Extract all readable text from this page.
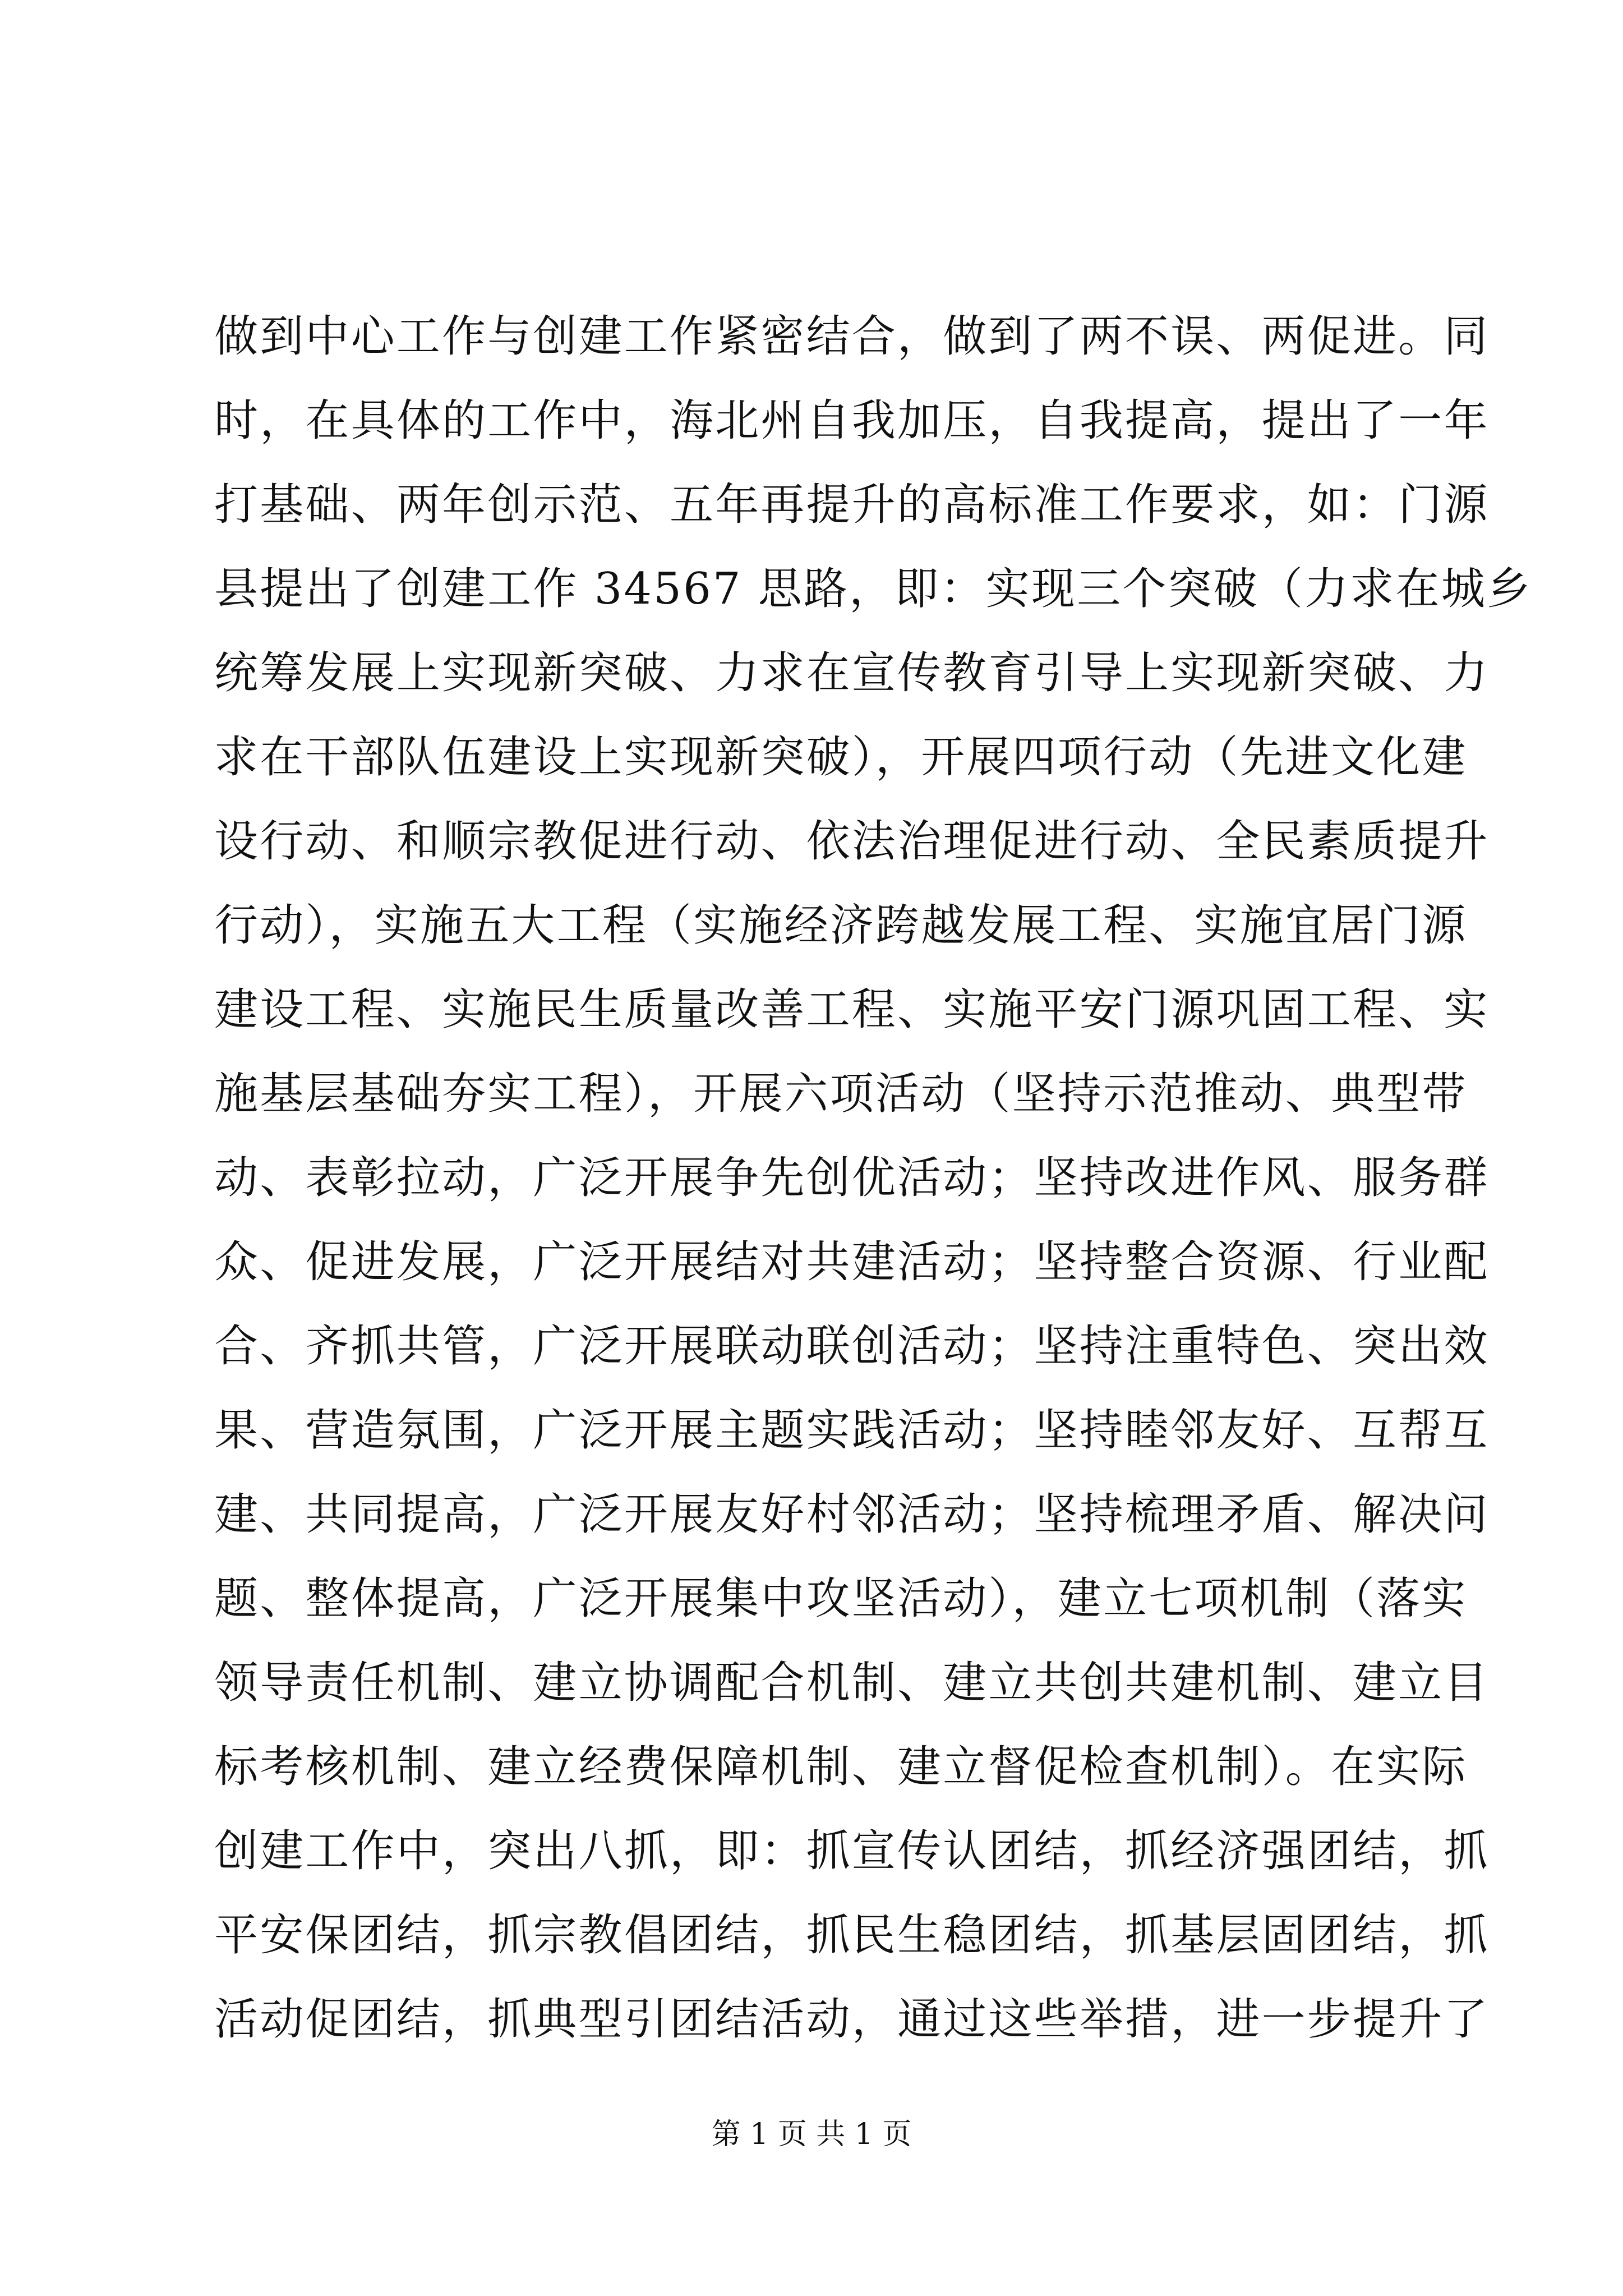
做到中心工作与创建工作紧密结合，做到了两不误、两促进。同
时，在具体的工作中，海北州自我加压，自我提高，提出了一年
打基础、两年创示范、五年再提升的高标准工作要求，如：门源
县提出了创建工作 34567 思路，即：实现三个突破（力求在城乡
统筹发展上实现新突破、力求在宣传教育引导上实现新突破、力
求在干部队伍建设上实现新突破），开展四项行动（先进文化建
设行动、和顺宗教促进行动、依法治理促进行动、全民素质提升
行动），实施五大工程（实施经济跨越发展工程、实施宜居门源
建设工程、实施民生质量改善工程、实施平安门源巩固工程、实
施基层基础夯实工程），开展六项活动（坚持示范推动、典型带
动、表彰拉动，广泛开展争先创优活动；坚持改进作风、服务群
众、促进发展，广泛开展结对共建活动；坚持整合资源、行业配
合、齐抓共管，广泛开展联动联创活动；坚持注重特色、突出效
果、营造氛围，广泛开展主题实践活动；坚持睦邻友好、互帮互
建、共同提高，广泛开展友好村邻活动；坚持梳理矛盾、解决问
题、整体提高，广泛开展集中攻坚活动），建立七项机制（落实
领导责任机制、建立协调配合机制、建立共创共建机制、建立目
标考核机制、建立经费保障机制、建立督促检查机制）。在实际
创建工作中，突出八抓，即：抓宣传认团结，抓经济强团结，抓
平安保团结，抓宗教倡团结，抓民生稳团结，抓基层固团结，抓
活动促团结，抓典型引团结活动，通过这些举措，进一步提升了
第 1 页 共 1 页
